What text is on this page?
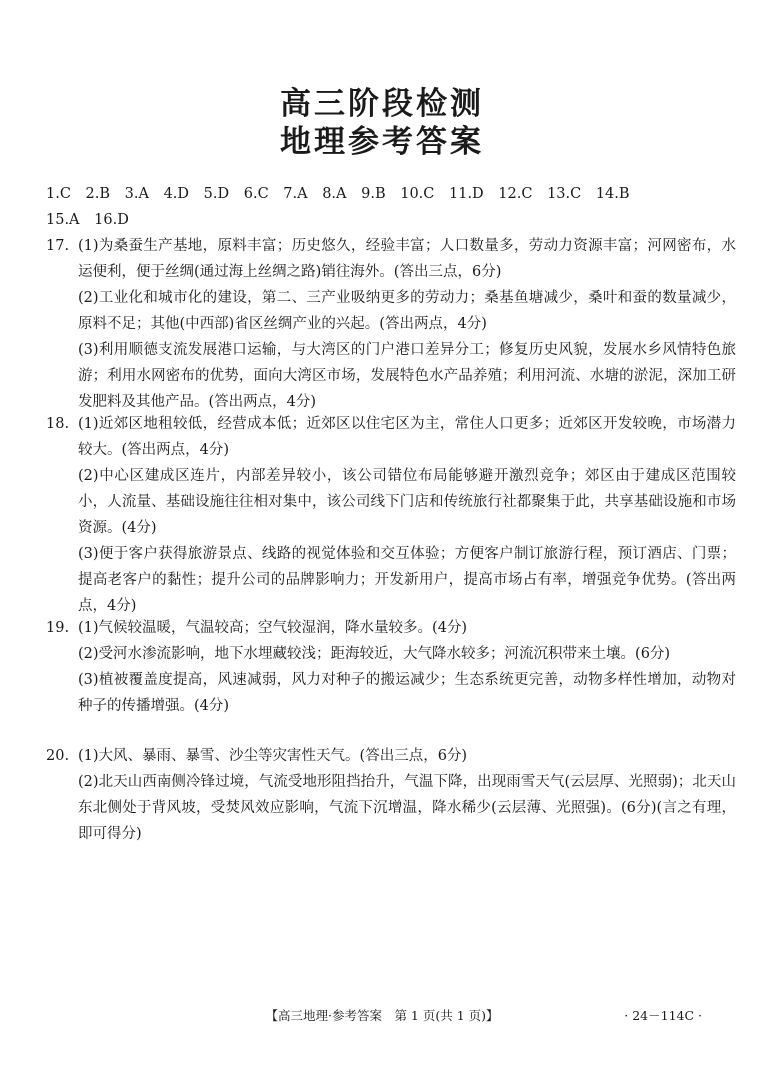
高三阶段检测
地理参考答案
1.C 2.B 3.A 4.D 5.D 6.C 7.A 8.A 9.B 10.C 11.D 12.C 13.C 14.B
15.A 16.D
17. (1)为桑蚕生产基地，原料丰富；历史悠久，经验丰富；人口数量多，劳动力资源丰富；河网密布，水运便利，便于丝绸(通过海上丝绸之路)销往海外。(答出三点，6分)
(2)工业化和城市化的建设，第二、三产业吸纳更多的劳动力；桑基鱼塘减少，桑叶和蚕的数量减少，原料不足；其他(中西部)省区丝绸产业的兴起。(答出两点，4分)
(3)利用顺德支流发展港口运输，与大湾区的门户港口差异分工；修复历史风貌，发展水乡风情特色旅游；利用水网密布的优势，面向大湾区市场，发展特色水产品养殖；利用河流、水塘的淤泥，深加工研发肥料及其他产品。(答出两点，4分)
18. (1)近郊区地租较低，经营成本低；近郊区以住宅区为主，常住人口更多；近郊区开发较晚，市场潜力较大。(答出两点，4分)
(2)中心区建成区连片，内部差异较小，该公司错位布局能够避开激烈竞争；郊区由于建成区范围较小，人流量、基础设施往往相对集中，该公司线下门店和传统旅行社都聚集于此，共享基础设施和市场资源。(4分)
(3)便于客户获得旅游景点、线路的视觉体验和交互体验；方便客户制订旅游行程，预订酒店、门票；提高老客户的黏性；提升公司的品牌影响力；开发新用户，提高市场占有率，增强竞争优势。(答出两点，4分)
19. (1)气候较温暖，气温较高；空气较湿润，降水量较多。(4分)
(2)受河水渗流影响，地下水埋藏较浅；距海较近，大气降水较多；河流沉积带来土壤。(6分)
(3)植被覆盖度提高，风速减弱，风力对种子的搬运减少；生态系统更完善，动物多样性增加，动物对种子的传播增强。(4分)
20. (1)大风、暴雨、暴雪、沙尘等灾害性天气。(答出三点，6分)
(2)北天山西南侧冷锋过境，气流受地形阻挡抬升，气温下降，出现雨雪天气(云层厚、光照弱)；北天山东北侧处于背风坡，受焚风效应影响，气流下沉增温，降水稀少(云层薄、光照强)。(6分)(言之有理，即可得分)
【高三地理·参考答案　第 1 页(共 1 页)】	· 24－114C ·
